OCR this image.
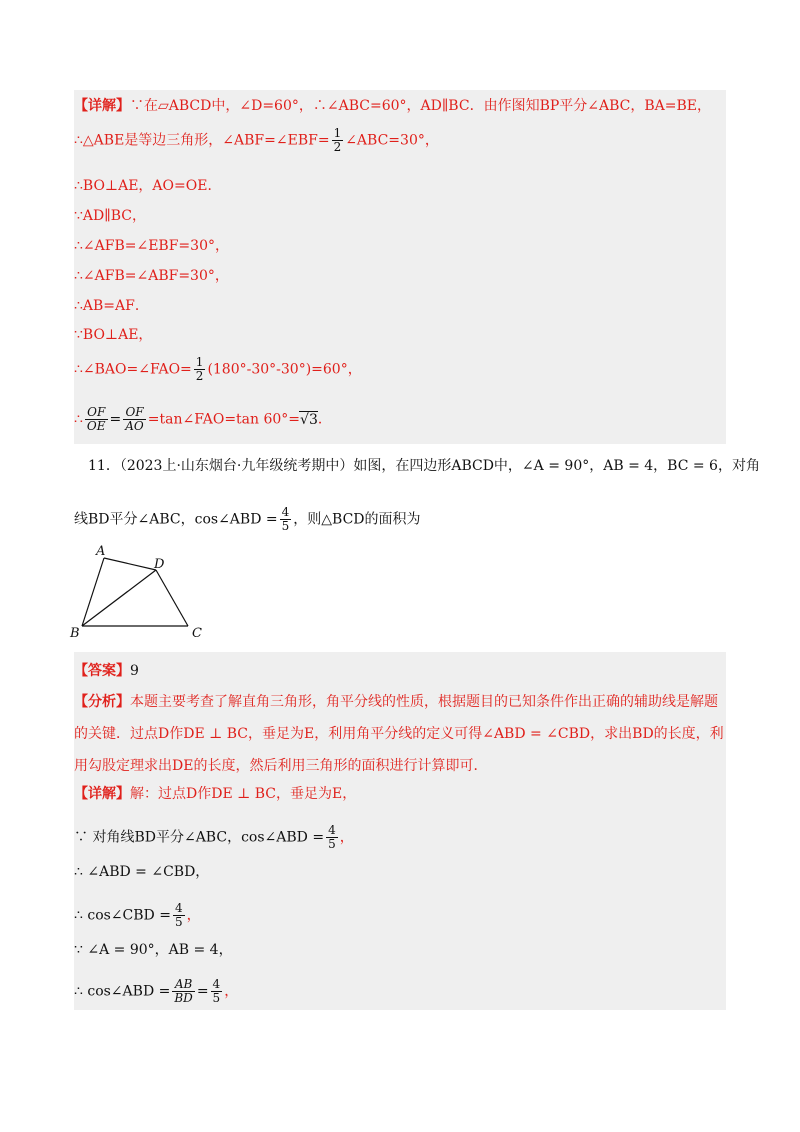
【详解】∵在▱ABCD中，∠D=60°，∴∠ABC=60°，AD∥BC．由作图知BP平分∠ABC，BA=BE，
∴△ABE是等边三角形，∠ABF=∠EBF= $\frac{1}{2}$ ∠ABC=30°，
∴BO⊥AE，AO=OE．
∵AD∥BC，
∴∠AFB=∠EBF=30°，
∴∠AFB=∠ABF=30°，
∴AB=AF．
∵BO⊥AE，
∴∠BAO=∠FAO= $\frac{1}{2} (180^\circ-30^\circ-30^\circ)=60^\circ$，
∴ $\frac{OF}{OE} = \frac{OF}{AO}$ =tan∠FAO=tan 60°=√3．
11．（2023上·山东烟台·九年级统考期中）如图，在四边形ABCD中，∠A = 90°，AB = 4，BC = 6，对角
线BD平分∠ABC，cos∠ABD = $\frac{4}{5}$ ，则△BCD的面积为
A
D
B	C
【答案】9
【分析】本题主要考查了解直角三角形，角平分线的性质，根据题目的已知条件作出正确的辅助线是解题
的关键．过点D作DE ⊥ BC，垂足为E，利用角平分线的定义可得∠ABD = ∠CBD，求出BD的长度，利
用勾股定理求出DE的长度，然后利用三角形的面积进行计算即可．
【详解】解：过点D作DE ⊥ BC，垂足为E，
∵ 对角线BD平分∠ABC，cos∠ABD = $\frac{4}{5}$ ，
∴ ∠ABD = ∠CBD，
∴ cos∠CBD = $\frac{4}{5}$ ，
∵ ∠A = 90°，AB = 4，
∴ cos∠ABD = $\frac{AB}{BD} = \frac{4}{5}$ ，
